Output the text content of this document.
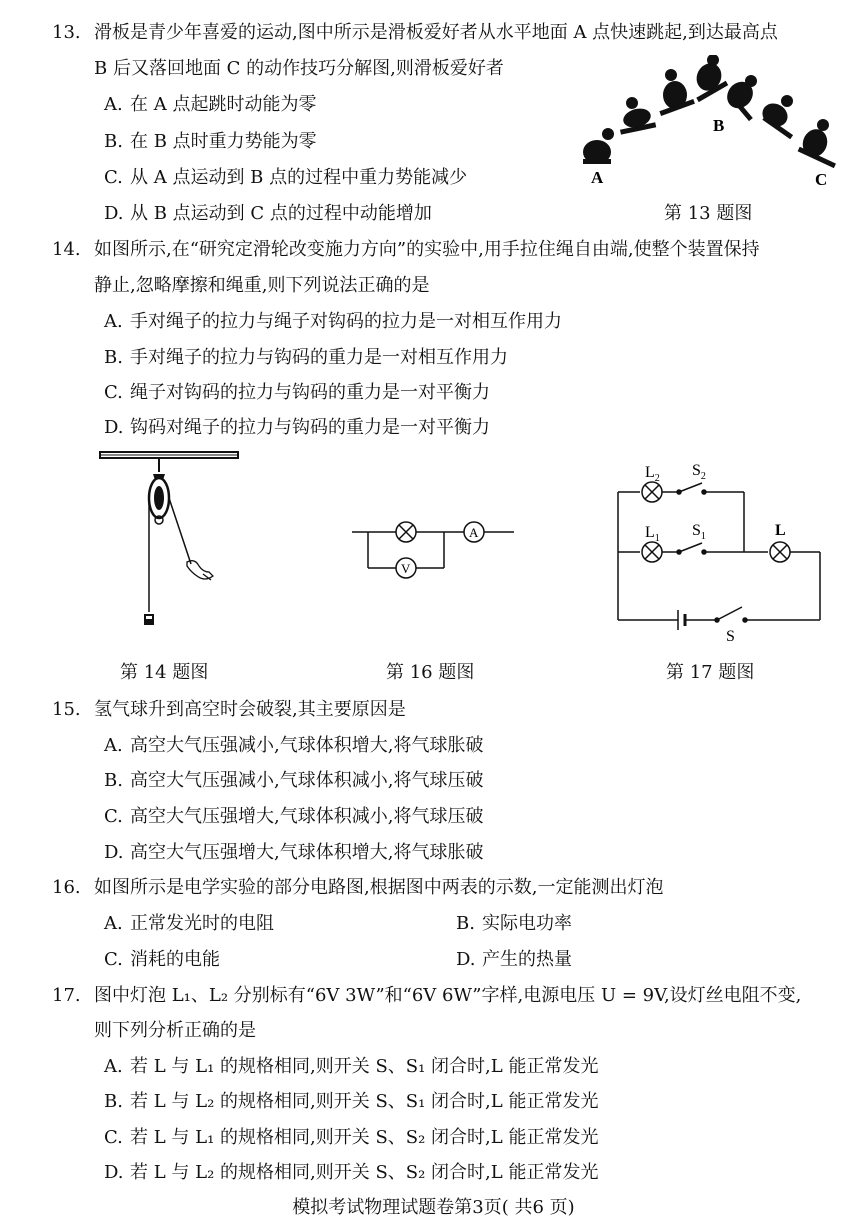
13. 滑板是青少年喜爱的运动,图中所示是滑板爱好者从水平地面 A 点快速跳起,到达最高点
B 后又落回地面 C 的动作技巧分解图,则滑板爱好者
A. 在 A 点起跳时动能为零
B. 在 B 点时重力势能为零
C. 从 A 点运动到 B 点的过程中重力势能减少
D. 从 B 点运动到 C 点的过程中动能增加
A
B
C
第 13 题图
14. 如图所示,在“研究定滑轮改变施力方向”的实验中,用手拉住绳自由端,使整个装置保持
静止,忽略摩擦和绳重,则下列说法正确的是
A. 手对绳子的拉力与绳子对钩码的拉力是一对相互作用力
B. 手对绳子的拉力与钩码的重力是一对相互作用力
C. 绳子对钩码的拉力与钩码的重力是一对平衡力
D. 钩码对绳子的拉力与钩码的重力是一对平衡力
第 14 题图
V
A
第 16 题图
$L_2$ $S_2$
$L_1$ $S_1$	L
S
第 17 题图
15. 氢气球升到高空时会破裂,其主要原因是
A. 高空大气压强减小,气球体积增大,将气球胀破
B. 高空大气压强减小,气球体积减小,将气球压破
C. 高空大气压强增大,气球体积减小,将气球压破
D. 高空大气压强增大,气球体积增大,将气球胀破
16. 如图所示是电学实验的部分电路图,根据图中两表的示数,一定能测出灯泡
A. 正常发光时的电阻	B. 实际电功率
C. 消耗的电能	D. 产生的热量
17. 图中灯泡 L₁、L₂ 分别标有“6V 3W”和“6V 6W”字样,电源电压 U = 9V,设灯丝电阻不变,
则下列分析正确的是
A. 若 L 与 L₁ 的规格相同,则开关 S、S₁ 闭合时,L 能正常发光
B. 若 L 与 L₂ 的规格相同,则开关 S、S₁ 闭合时,L 能正常发光
C. 若 L 与 L₁ 的规格相同,则开关 S、S₂ 闭合时,L 能正常发光
D. 若 L 与 L₂ 的规格相同,则开关 S、S₂ 闭合时,L 能正常发光
模拟考试物理试题卷第3页( 共6 页)
